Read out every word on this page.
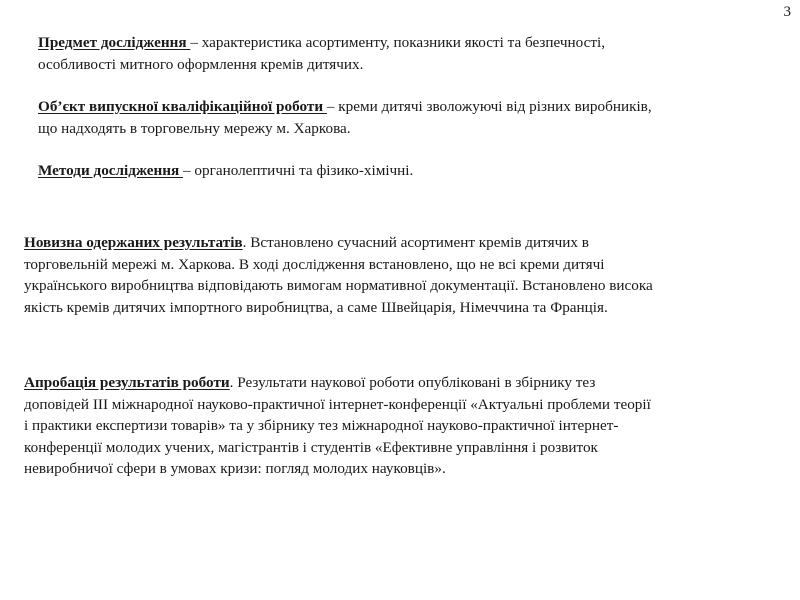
3

Предмет дослідження – характеристика асортименту, показники якості та безпечності,
особливості митного оформлення кремів дитячих.

Об’єкт випускної кваліфікаційної роботи – креми дитячі зволожуючі від різних виробників,
що надходять в торговельну мережу м. Харкова.

Методи дослідження – органолептичні та фізико-хімічні.

Новизна одержаних результатів. Встановлено сучасний асортимент кремів дитячих в
торговельній мережі м. Харкова. В ході дослідження встановлено, що не всі креми дитячі
українського виробництва відповідають вимогам нормативної документації. Встановлено висока
якість кремів дитячих імпортного виробництва, а саме Швейцарія, Німеччина та Франція.

Апробація результатів роботи. Результати наукової роботи опубліковані в збірнику тез
доповідей III міжнародної науково-практичної інтернет-конференції «Актуальні проблеми теорії
і практики експертизи товарів» та у збірнику тез міжнародної науково-практичної інтернет-
конференції молодих учених, магістрантів і студентів «Ефективне управління і розвиток
невиробничої сфери в умовах кризи: погляд молодих науковців».
